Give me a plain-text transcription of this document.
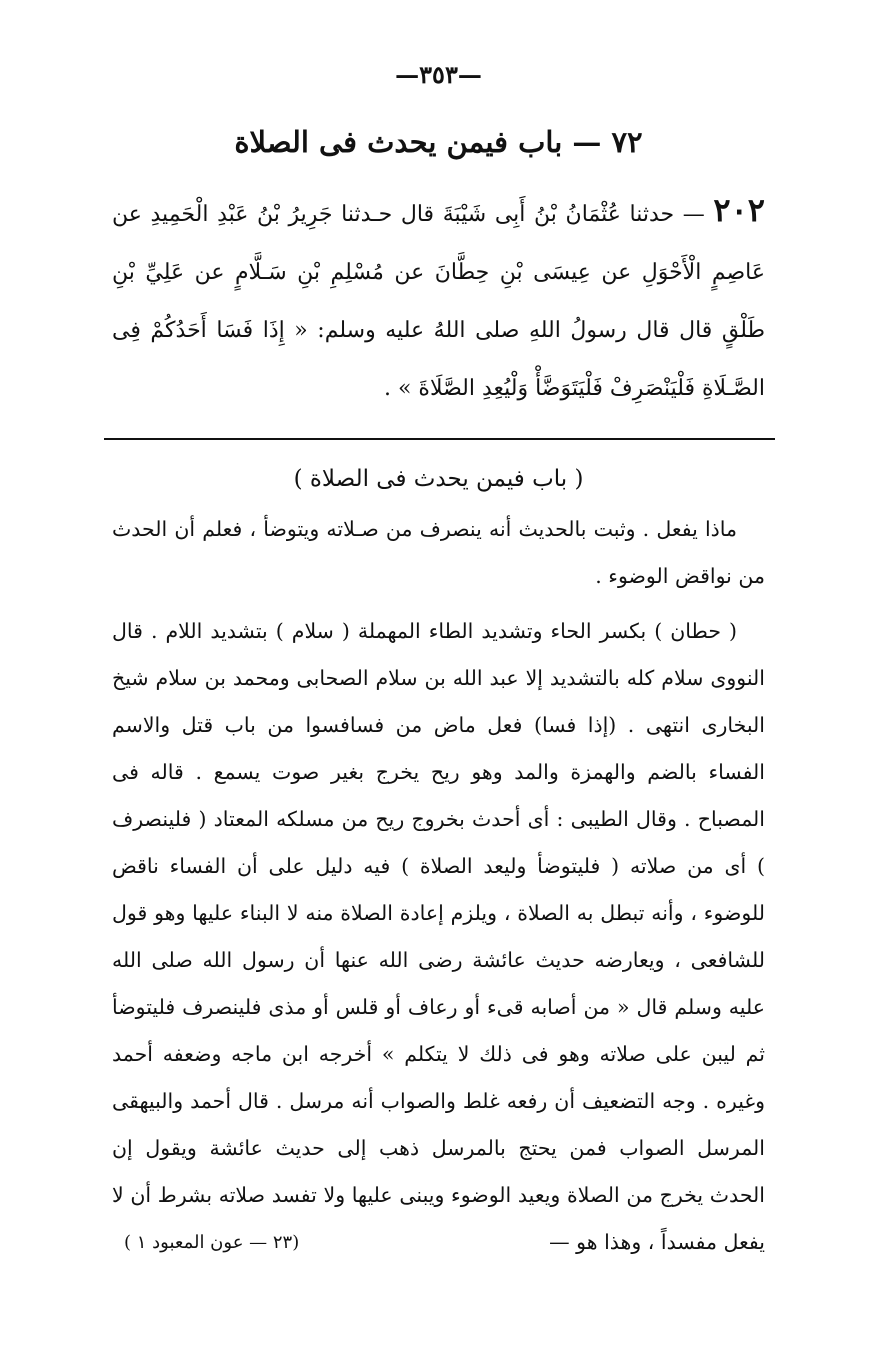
—٣٥٣—
٧٢ — باب فيمن يحدث فى الصلاة

٢٠٢ — حدثنا عُثْمَانُ بْنُ أَبِى شَيْبَةَ قال حـدثنا جَرِيرُ بْنُ عَبْدِ الْحَمِيدِ عن عَاصِمٍ الْأَحْوَلِ عن عِيسَى بْنِ حِطَّانَ عن مُسْلِمِ بْنِ سَـلَّامٍ عن عَلِيِّ بْنِ طَلْقٍ قال قال رسولُ اللهِ صلى اللهُ عليه وسلم: « إِذَا فَسَا أَحَدُكُمْ فِى الصَّـلَاةِ فَلْيَنْصَرِفْ فَلْيَتَوَضَّأْ وَلْيُعِدِ الصَّلَاةَ » .

( باب فيمن يحدث فى الصلاة )

ماذا يفعل . وثبت بالحديث أنه ينصرف من صـلاته ويتوضأ ، فعلم أن الحدث من نواقض الوضوء .

( حطان ) بكسر الحاء وتشديد الطاء المهملة ( سلام ) بتشديد اللام . قال النووى سلام كله بالتشديد إلا عبد الله بن سلام الصحابى ومحمد بن سلام شيخ البخارى انتهى . (إذا فسا) فعل ماض من فسافسوا من باب قتل والاسم الفساء بالضم والهمزة والمد وهو ريح يخرج بغير صوت يسمع . قاله فى المصباح . وقال الطيبى : أى أحدث بخروج ريح من مسلكه المعتاد ( فلينصرف ) أى من صلاته ( فليتوضأ وليعد الصلاة ) فيه دليل على أن الفساء ناقض للوضوء ، وأنه تبطل به الصلاة ، ويلزم إعادة الصلاة منه لا البناء عليها وهو قول للشافعى ، ويعارضه حديث عائشة رضى الله عنها أن رسول الله صلى الله عليه وسلم قال « من أصابه قىء أو رعاف أو قلس أو مذى فلينصرف فليتوضأ ثم ليبن على صلاته وهو فى ذلك لا يتكلم » أخرجه ابن ماجه وضعفه أحمد وغيره . وجه التضعيف أن رفعه غلط والصواب أنه مرسل . قال أحمد والبيهقى المرسل الصواب فمن يحتج بالمرسل ذهب إلى حديث عائشة ويقول إن الحدث يخرج من الصلاة ويعيد الوضوء ويبنى عليها ولا تفسد صلاته بشرط أن لا يفعل مفسداً ، وهذا هو —

(٢٣ — عون المعبود ١ )
